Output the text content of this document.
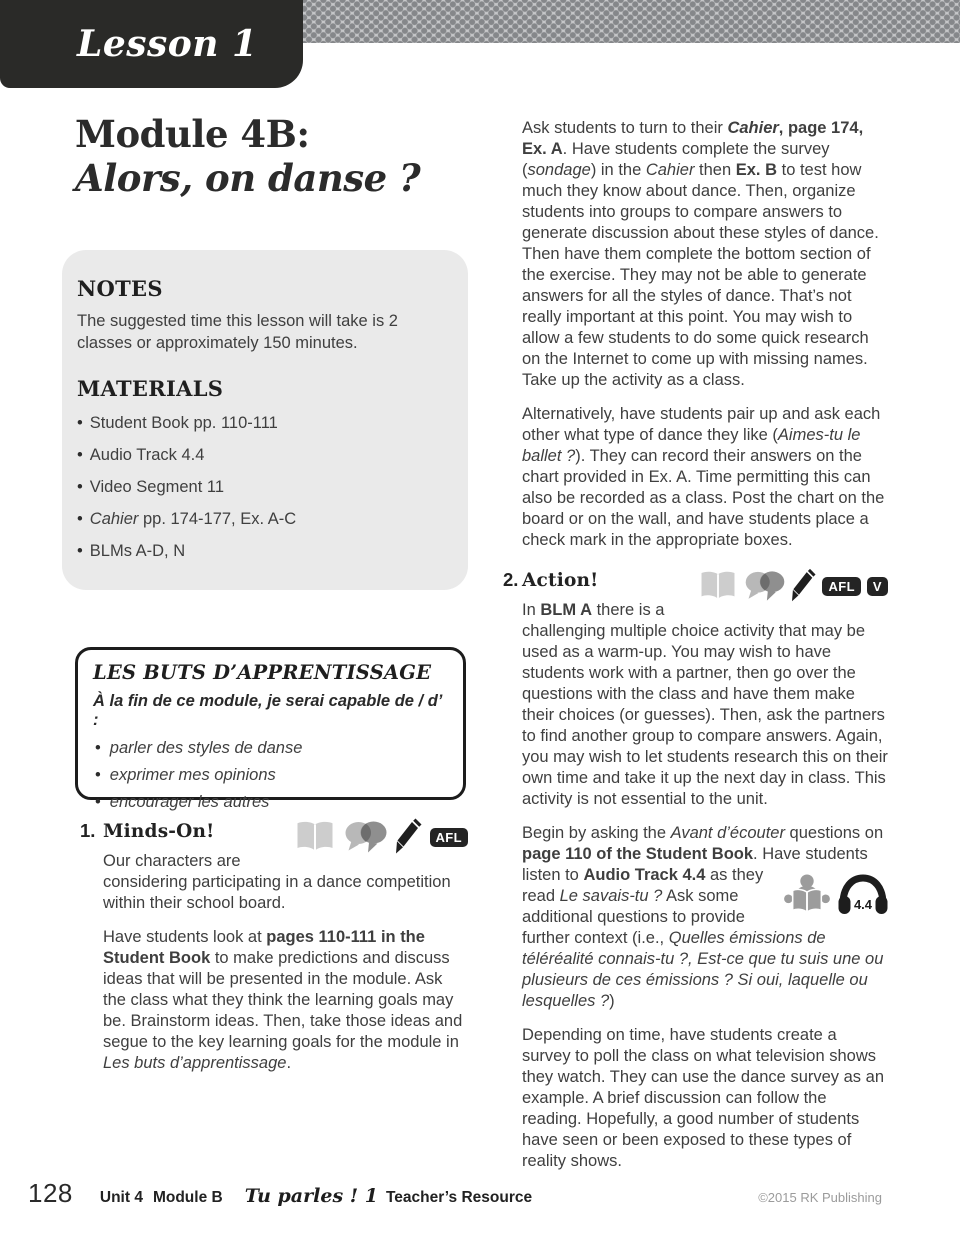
Lesson 1
Module 4B:
Alors, on danse ?
NOTES

The suggested time this lesson will take is 2 classes or approximately 150 minutes.

MATERIALS
• Student Book pp. 110-111
• Audio Track 4.4
• Video Segment 11
• Cahier pp. 174-177, Ex. A-C
• BLMs A-D, N
LES BUTS D’APPRENTISSAGE
À la fin de ce module, je serai capable de / d’ :
• parler des styles de danse
• exprimer mes opinions
• encourager les autres
AFL
1. Minds-On!

Our characters are considering participating in a dance competition within their school board.

Have students look at pages 110-111 in the Student Book to make predictions and discuss ideas that will be presented in the module. Ask the class what they think the learning goals may be. Brainstorm ideas. Then, take those ideas and segue to the key learning goals for the module in Les buts d’apprentissage.

Ask students to turn to their Cahier, page 174, Ex. A. Have students complete the survey (sondage) in the Cahier then Ex. B to test how much they know about dance. Then, organize students into groups to compare answers to generate discussion about these styles of dance. Then have them complete the bottom section of the exercise. They may not be able to generate answers for all the styles of dance. That’s not really important at this point. You may wish to allow a few students to do some quick research on the Internet to come up with missing names. Take up the activity as a class.

Alternatively, have students pair up and ask each other what type of dance they like (Aimes-tu le ballet ?). They can record their answers on the chart provided in Ex. A. Time permitting this can also be recorded as a class. Post the chart on the board or on the wall, and have students place a check mark in the appropriate boxes.

AFL	V
2. Action!

In BLM A there is a challenging multiple choice activity that may be used as a warm-up. You may wish to have students work with a partner, then go over the questions with the class and have them make their choices (or guesses). Then, ask the partners to find another group to compare answers. Again, you may wish to let students research this on their own time and take it up the next day in class. This activity is not essential to the unit.

Begin by asking the Avant d’écouter questions on page 110 of the Student Book. Have students
4.4
listen to Audio Track 4.4 as they read Le savais-tu ? Ask some additional questions to provide further context (i.e., Quelles émissions de téléréalité connais-tu ?, Est-ce que tu suis une ou plusieurs de ces émissions ? Si oui, laquelle ou lesquelles ?)

Depending on time, have students create a survey to poll the class on what television shows they watch. They can use the dance survey as an example. A brief discussion can follow the reading. Hopefully, a good number of students have seen or been exposed to these types of reality shows.

128 Unit 4 Module B Tu parles ! 1 Teacher’s Resource	©2015 RK Publishing
